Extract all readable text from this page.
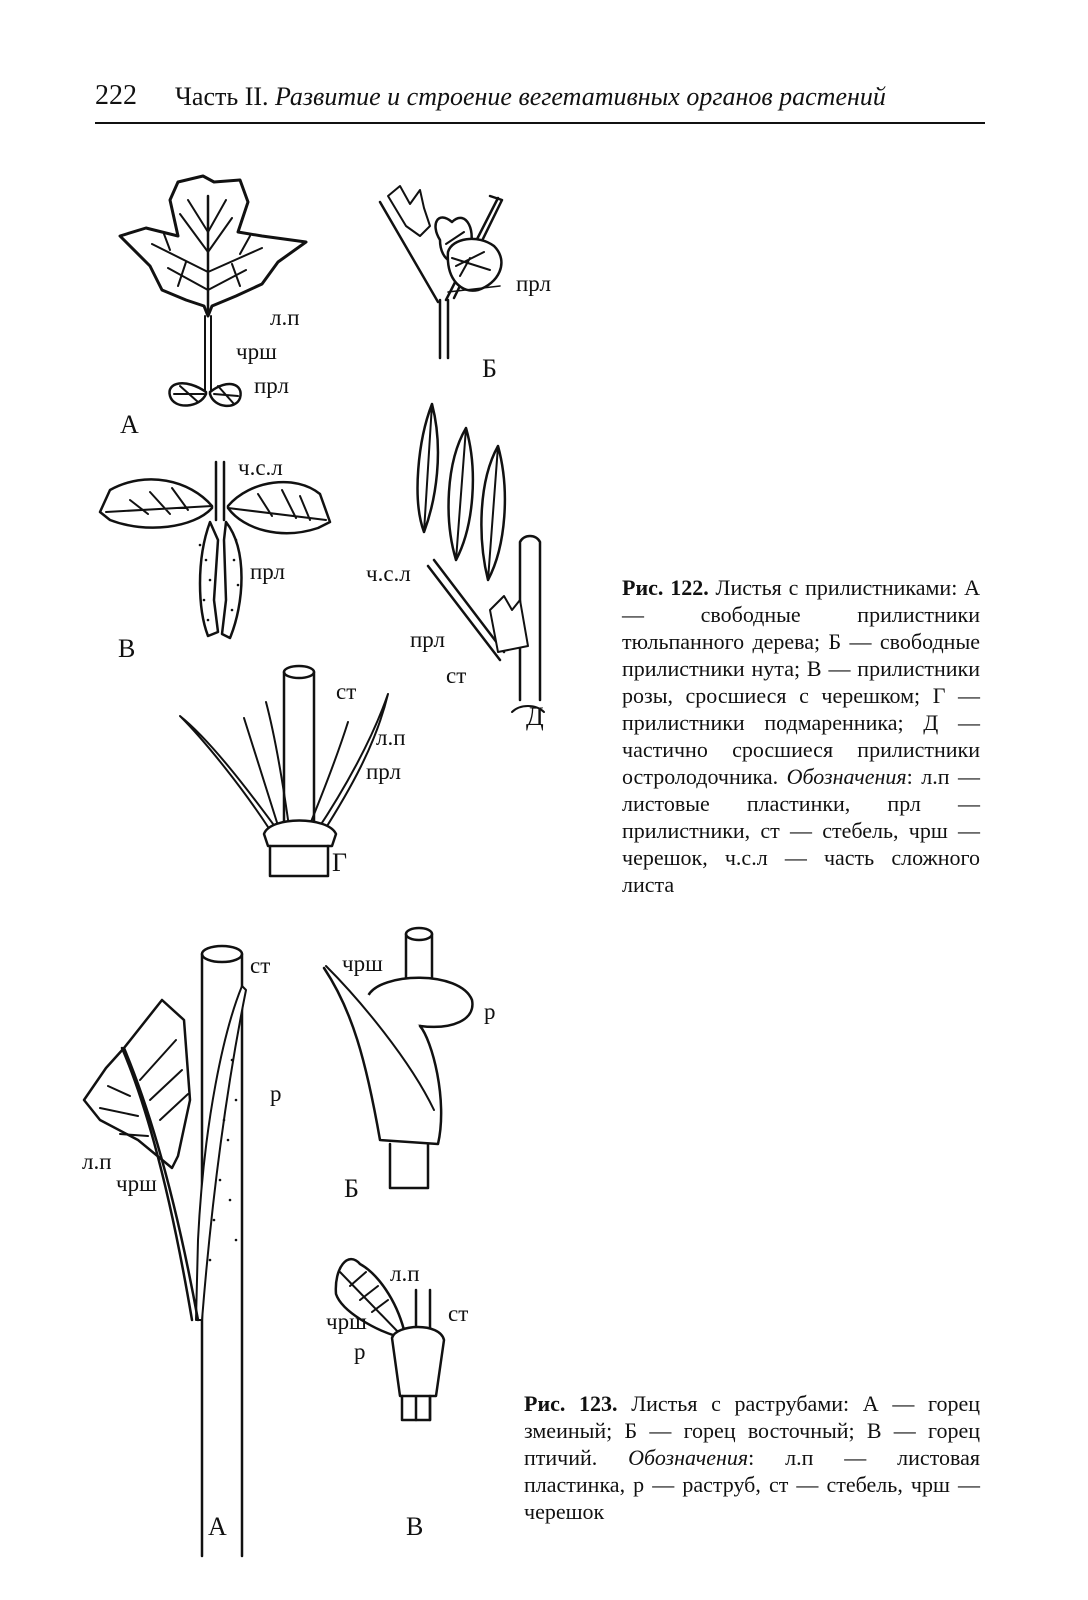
222 Часть II. Развитие и строение вегетативных органов растений
л.п
чрш
прл
А
прл
Б
ч.с.л
прл
В
ч.с.л
прл
ст
Д
ст
л.п
прл
Г
Рис. 122. Листья с прилистниками: А — свободные прилистники тюльпанного дерева; Б — свободные прилистники нута; В — прилистники розы, сросшиеся с черешком; Г — прилистники подмаренника; Д — частично сросшиеся прилистники остролодочника. Обозначения: л.п — листовые пластинки, прл — прилистники, ст — стебель, чрш — черешок, ч.с.л — часть сложного листа
ст
р
л.п
чрш
А
чрш
р
Б
л.п
чрш	ст
р
В
Рис. 123. Листья с раструбами: А — горец змеиный; Б — горец восточный; В — горец птичий. Обозначения: л.п — листовая пластинка, р — раструб, ст — стебель, чрш — черешок
